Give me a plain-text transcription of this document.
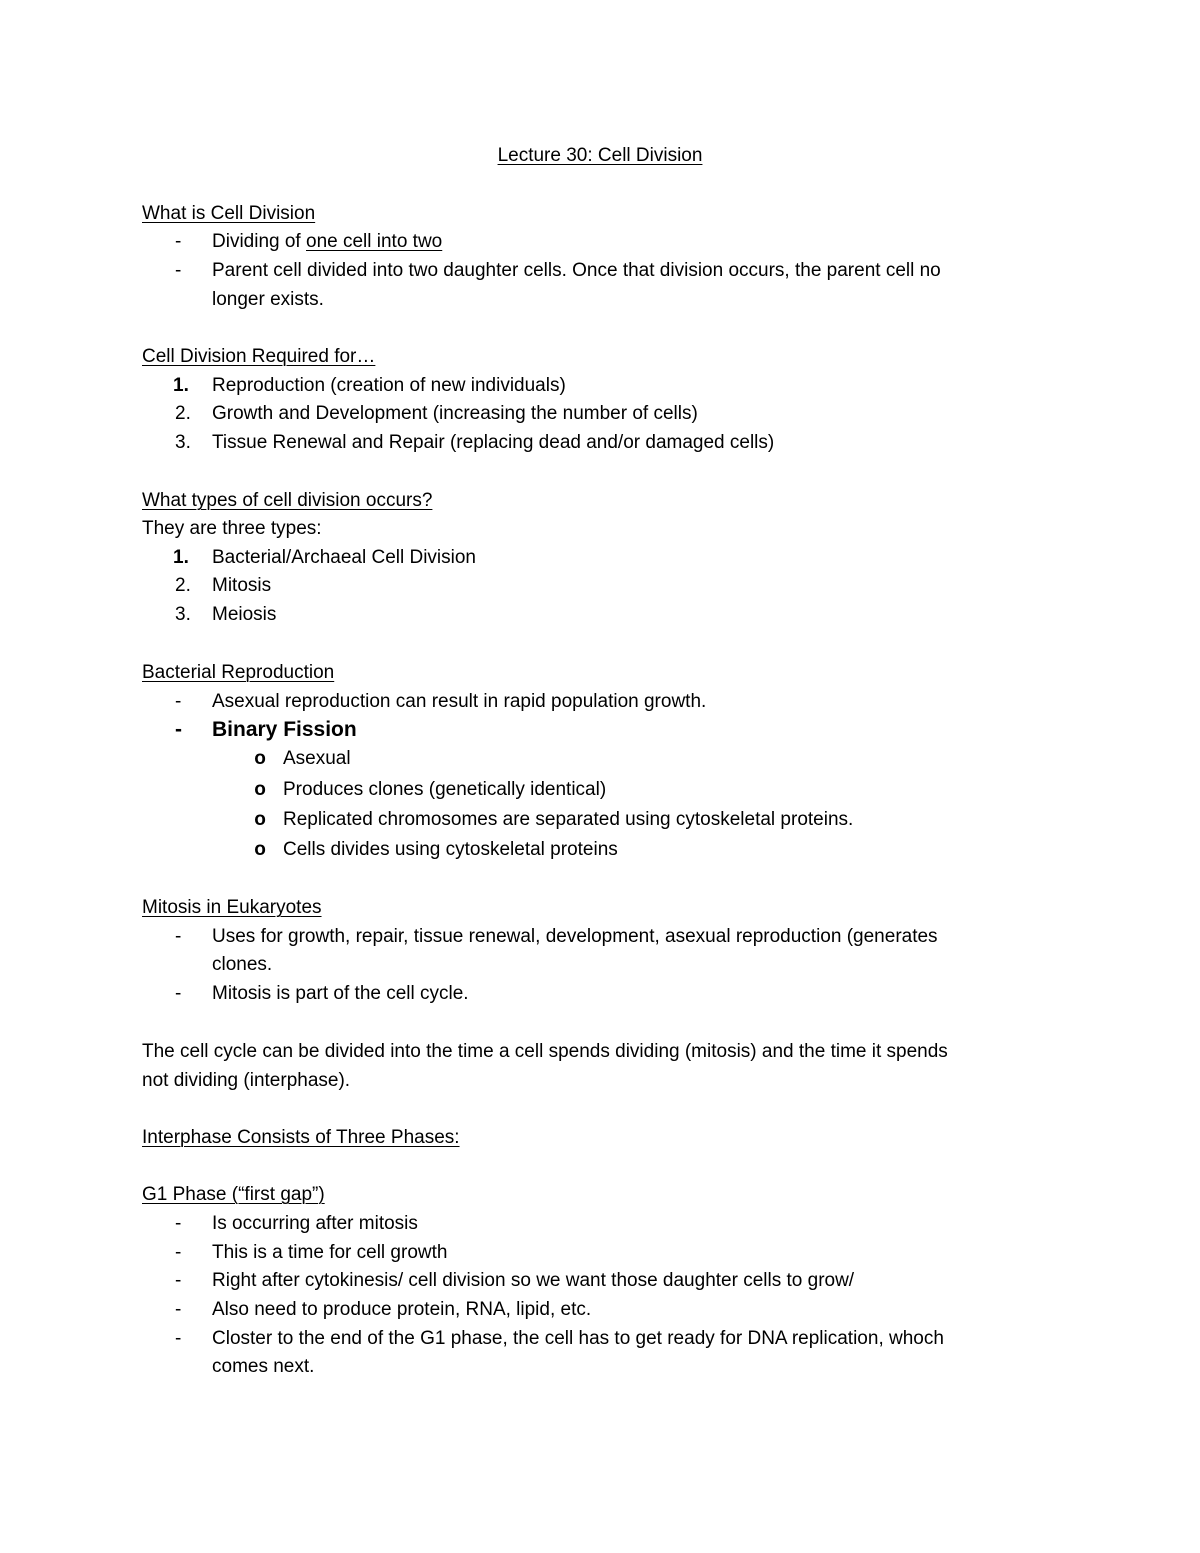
Lecture 30: Cell Division

What is Cell Division

- Dividing of one cell into two

- Parent cell divided into two daughter cells. Once that division occurs, the parent cell no

longer exists.

Cell Division Required for…

1. Reproduction (creation of new individuals)

2. Growth and Development (increasing the number of cells)

3. Tissue Renewal and Repair (replacing dead and/or damaged cells)

What types of cell division occurs?

They are three types:

1. Bacterial/Archaeal Cell Division

2. Mitosis

3. Meiosis

Bacterial Reproduction

- Asexual reproduction can result in rapid population growth.

- Binary Fission

o Asexual

o Produces clones (genetically identical)

o Replicated chromosomes are separated using cytoskeletal proteins.

o Cells divides using cytoskeletal proteins

Mitosis in Eukaryotes

- Uses for growth, repair, tissue renewal, development, asexual reproduction (generates

clones.

- Mitosis is part of the cell cycle.

The cell cycle can be divided into the time a cell spends dividing (mitosis) and the time it spends

not dividing (interphase).

Interphase Consists of Three Phases:

G1 Phase (“first gap”)

- Is occurring after mitosis

- This is a time for cell growth

- Right after cytokinesis/ cell division so we want those daughter cells to grow/

- Also need to produce protein, RNA, lipid, etc.

- Closter to the end of the G1 phase, the cell has to get ready for DNA replication, whoch

comes next.
